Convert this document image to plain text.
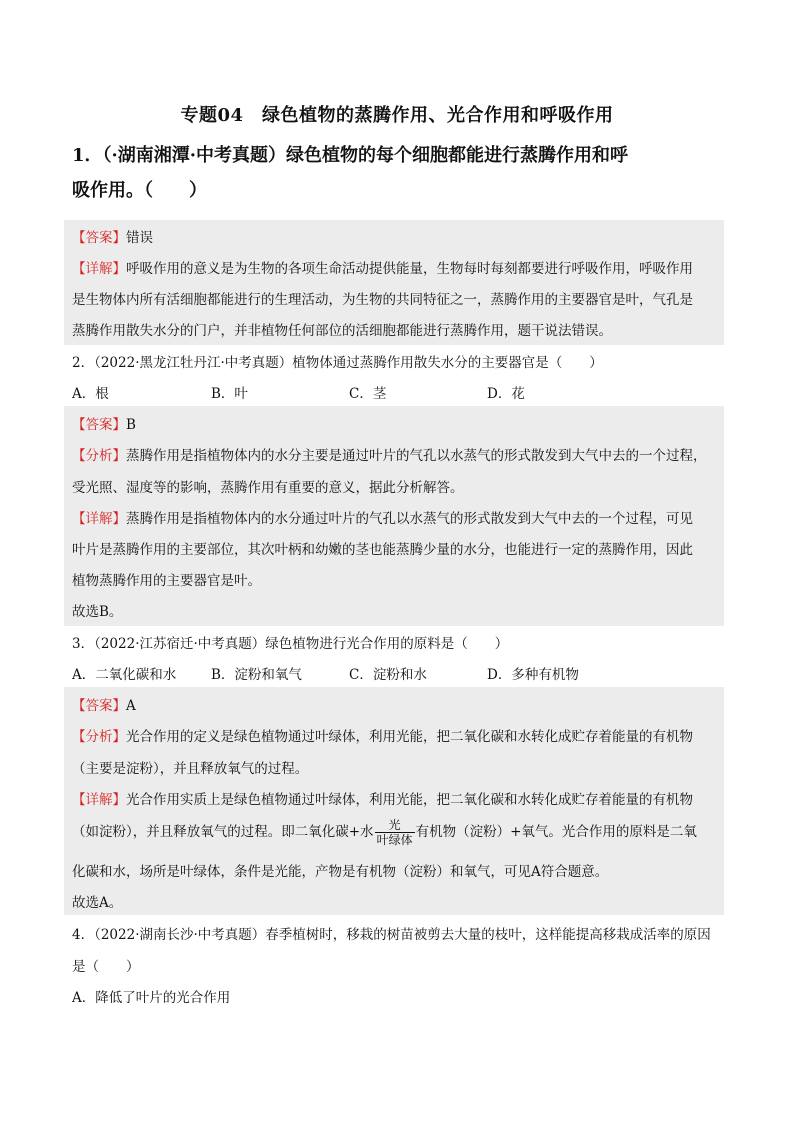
专题04　绿色植物的蒸腾作用、光合作用和呼吸作用
1．（·湖南湘潭·中考真题）绿色植物的每个细胞都能进行蒸腾作用和呼
吸作用。（　　）
【答案】错误
【详解】呼吸作用的意义是为生物的各项生命活动提供能量，生物每时每刻都要进行呼吸作用，呼吸作用
是生物体内所有活细胞都能进行的生理活动，为生物的共同特征之一，蒸腾作用的主要器官是叶，气孔是
蒸腾作用散失水分的门户，并非植物任何部位的活细胞都能进行蒸腾作用，题干说法错误。
2．（2022·黑龙江牡丹江·中考真题）植物体通过蒸腾作用散失水分的主要器官是（　　）
A．根	B．叶	C．茎	D．花
【答案】B
【分析】蒸腾作用是指植物体内的水分主要是通过叶片的气孔以水蒸气的形式散发到大气中去的一个过程，
受光照、湿度等的影响，蒸腾作用有重要的意义，据此分析解答。
【详解】蒸腾作用是指植物体内的水分通过叶片的气孔以水蒸气的形式散发到大气中去的一个过程，可见
叶片是蒸腾作用的主要部位，其次叶柄和幼嫩的茎也能蒸腾少量的水分，也能进行一定的蒸腾作用，因此
植物蒸腾作用的主要器官是叶。
故选B。
3．（2022·江苏宿迁·中考真题）绿色植物进行光合作用的原料是（　　）
A．二氧化碳和水	B．淀粉和氧气	C．淀粉和水	D．多种有机物
【答案】A
【分析】光合作用的定义是绿色植物通过叶绿体，利用光能，把二氧化碳和水转化成贮存着能量的有机物
（主要是淀粉），并且释放氧气的过程。
【详解】光合作用实质上是绿色植物通过叶绿体，利用光能，把二氧化碳和水转化成贮存着能量的有机物
（如淀粉），并且释放氧气的过程。即二氧化碳+水 $\frac{\text{光}}{\text{叶绿体}}$ 有机物（淀粉）+氧气。光合作用的原料是二氧
化碳和水，场所是叶绿体，条件是光能，产物是有机物（淀粉）和氧气，可见A符合题意。
故选A。
4．（2022·湖南长沙·中考真题）春季植树时，移栽的树苗被剪去大量的枝叶，这样能提高移栽成活率的原因
是（　　）
A．降低了叶片的光合作用
